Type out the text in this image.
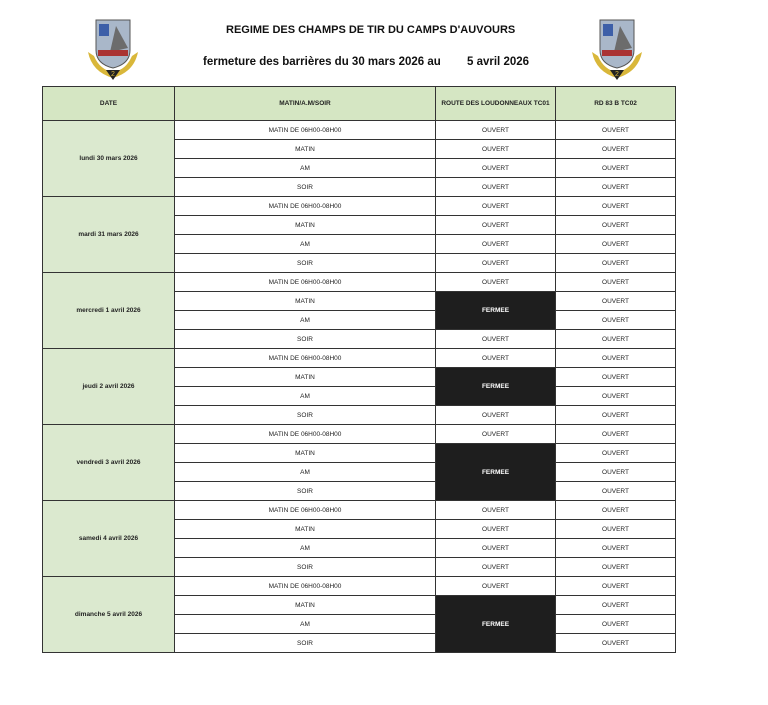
2	2
REGIME DES CHAMPS DE TIR DU CAMPS D'AUVOURS
fermeture des barrières du 30 mars 2026 au 5 avril 2026
DATE	MATIN/A.M/SOIR	ROUTE DES LOUDONNEAUX TC01	RD 83 B TC02
lundi 30 mars 2026	MATIN DE 06H00-08H00	OUVERT	OUVERT
	MATIN	OUVERT	OUVERT
	AM	OUVERT	OUVERT
	SOIR	OUVERT	OUVERT
mardi 31 mars 2026	MATIN DE 06H00-08H00	OUVERT	OUVERT
	MATIN	OUVERT	OUVERT
	AM	OUVERT	OUVERT
	SOIR	OUVERT	OUVERT
mercredi 1 avril 2026	MATIN DE 06H00-08H00	OUVERT	OUVERT
	MATIN	FERMEE	OUVERT
	AM		OUVERT
	SOIR	OUVERT	OUVERT
jeudi 2 avril 2026	MATIN DE 06H00-08H00	OUVERT	OUVERT
	MATIN	FERMEE	OUVERT
	AM		OUVERT
	SOIR	OUVERT	OUVERT
vendredi 3 avril 2026	MATIN DE 06H00-08H00	OUVERT	OUVERT
	MATIN	FERMEE	OUVERT
	AM		OUVERT
	SOIR		OUVERT
samedi 4 avril 2026	MATIN DE 06H00-08H00	OUVERT	OUVERT
	MATIN	OUVERT	OUVERT
	AM	OUVERT	OUVERT
	SOIR	OUVERT	OUVERT
dimanche 5 avril 2026	MATIN DE 06H00-08H00	OUVERT	OUVERT
	MATIN	FERMEE	OUVERT
	AM		OUVERT
	SOIR		OUVERT
